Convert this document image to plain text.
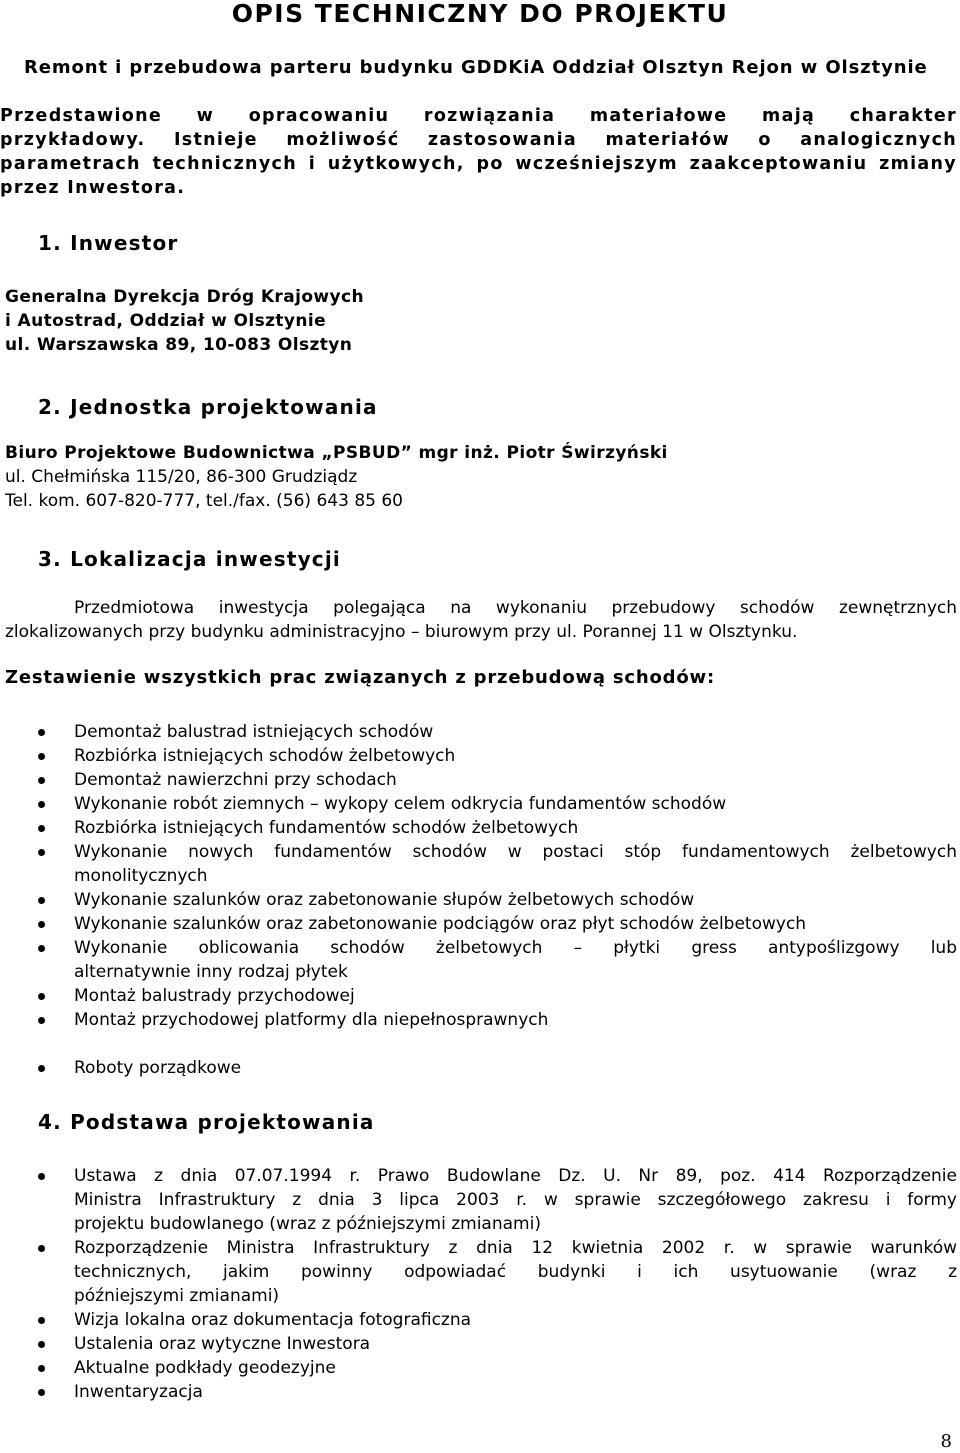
OPIS TECHNICZNY DO PROJEKTU
Remont i przebudowa parteru budynku GDDKiA Oddział Olsztyn Rejon w Olsztynie
Przedstawione w opracowaniu rozwiązania materiałowe mają charakter
przykładowy. Istnieje możliwość zastosowania materiałów o analogicznych
parametrach technicznych i użytkowych, po wcześniejszym zaakceptowaniu zmiany
przez Inwestora.
1. Inwestor
Generalna Dyrekcja Dróg Krajowych
i Autostrad, Oddział w Olsztynie
ul. Warszawska 89, 10-083 Olsztyn
2. Jednostka projektowania
Biuro Projektowe Budownictwa „PSBUD” mgr inż. Piotr Świrzyński
ul. Chełmińska 115/20, 86-300 Grudziądz
Tel. kom. 607-820-777, tel./fax. (56) 643 85 60
3. Lokalizacja inwestycji
Przedmiotowa inwestycja polegająca na wykonaniu przebudowy schodów zewnętrznych
zlokalizowanych przy budynku administracyjno – biurowym przy ul. Porannej 11 w Olsztynku.
Zestawienie wszystkich prac związanych z przebudową schodów:
Demontaż balustrad istniejących schodów
Rozbiórka istniejących schodów żelbetowych
Demontaż nawierzchni przy schodach
Wykonanie robót ziemnych – wykopy celem odkrycia fundamentów schodów
Rozbiórka istniejących fundamentów schodów żelbetowych
Wykonanie nowych fundamentów schodów w postaci stóp fundamentowych żelbetowych
monolitycznych
Wykonanie szalunków oraz zabetonowanie słupów żelbetowych schodów
Wykonanie szalunków oraz zabetonowanie podciągów oraz płyt schodów żelbetowych
Wykonanie oblicowania schodów żelbetowych – płytki gress antypoślizgowy lub
alternatywnie inny rodzaj płytek
Montaż balustrady przychodowej
Montaż przychodowej platformy dla niepełnosprawnych
Roboty porządkowe
4. Podstawa projektowania
Ustawa z dnia 07.07.1994 r. Prawo Budowlane Dz. U. Nr 89, poz. 414 Rozporządzenie
Ministra Infrastruktury z dnia 3 lipca 2003 r. w sprawie szczegółowego zakresu i formy
projektu budowlanego (wraz z późniejszymi zmianami)
Rozporządzenie Ministra Infrastruktury z dnia 12 kwietnia 2002 r. w sprawie warunków
technicznych, jakim powinny odpowiadać budynki i ich usytuowanie (wraz z
późniejszymi zmianami)
Wizja lokalna oraz dokumentacja fotograficzna
Ustalenia oraz wytyczne Inwestora
Aktualne podkłady geodezyjne
Inwentaryzacja
8
